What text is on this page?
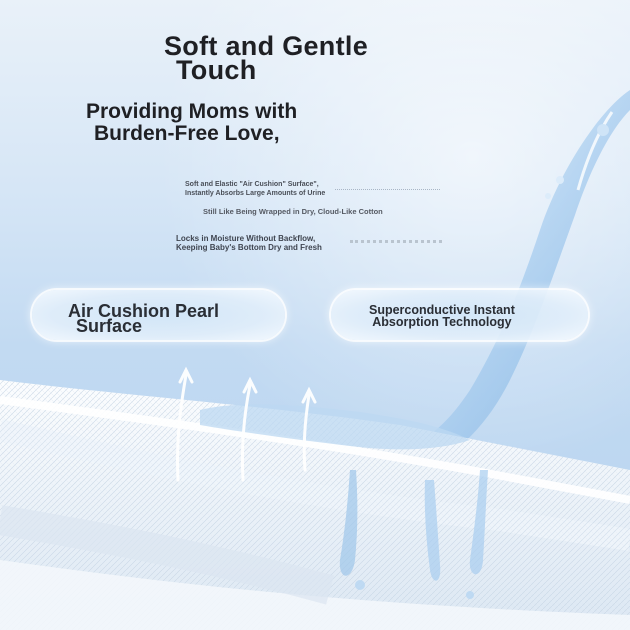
Soft and Gentle
Touch
Providing Moms with
Burden-Free Love,
Soft and Elastic "Air Cushion" Surface",
Instantly Absorbs Large Amounts of Urine
Still Like Being Wrapped in Dry, Cloud-Like Cotton
Locks in Moisture Without Backflow,
Keeping Baby's Bottom Dry and Fresh
Air Cushion Pearl
Surface
Superconductive Instant
Absorption Technology
